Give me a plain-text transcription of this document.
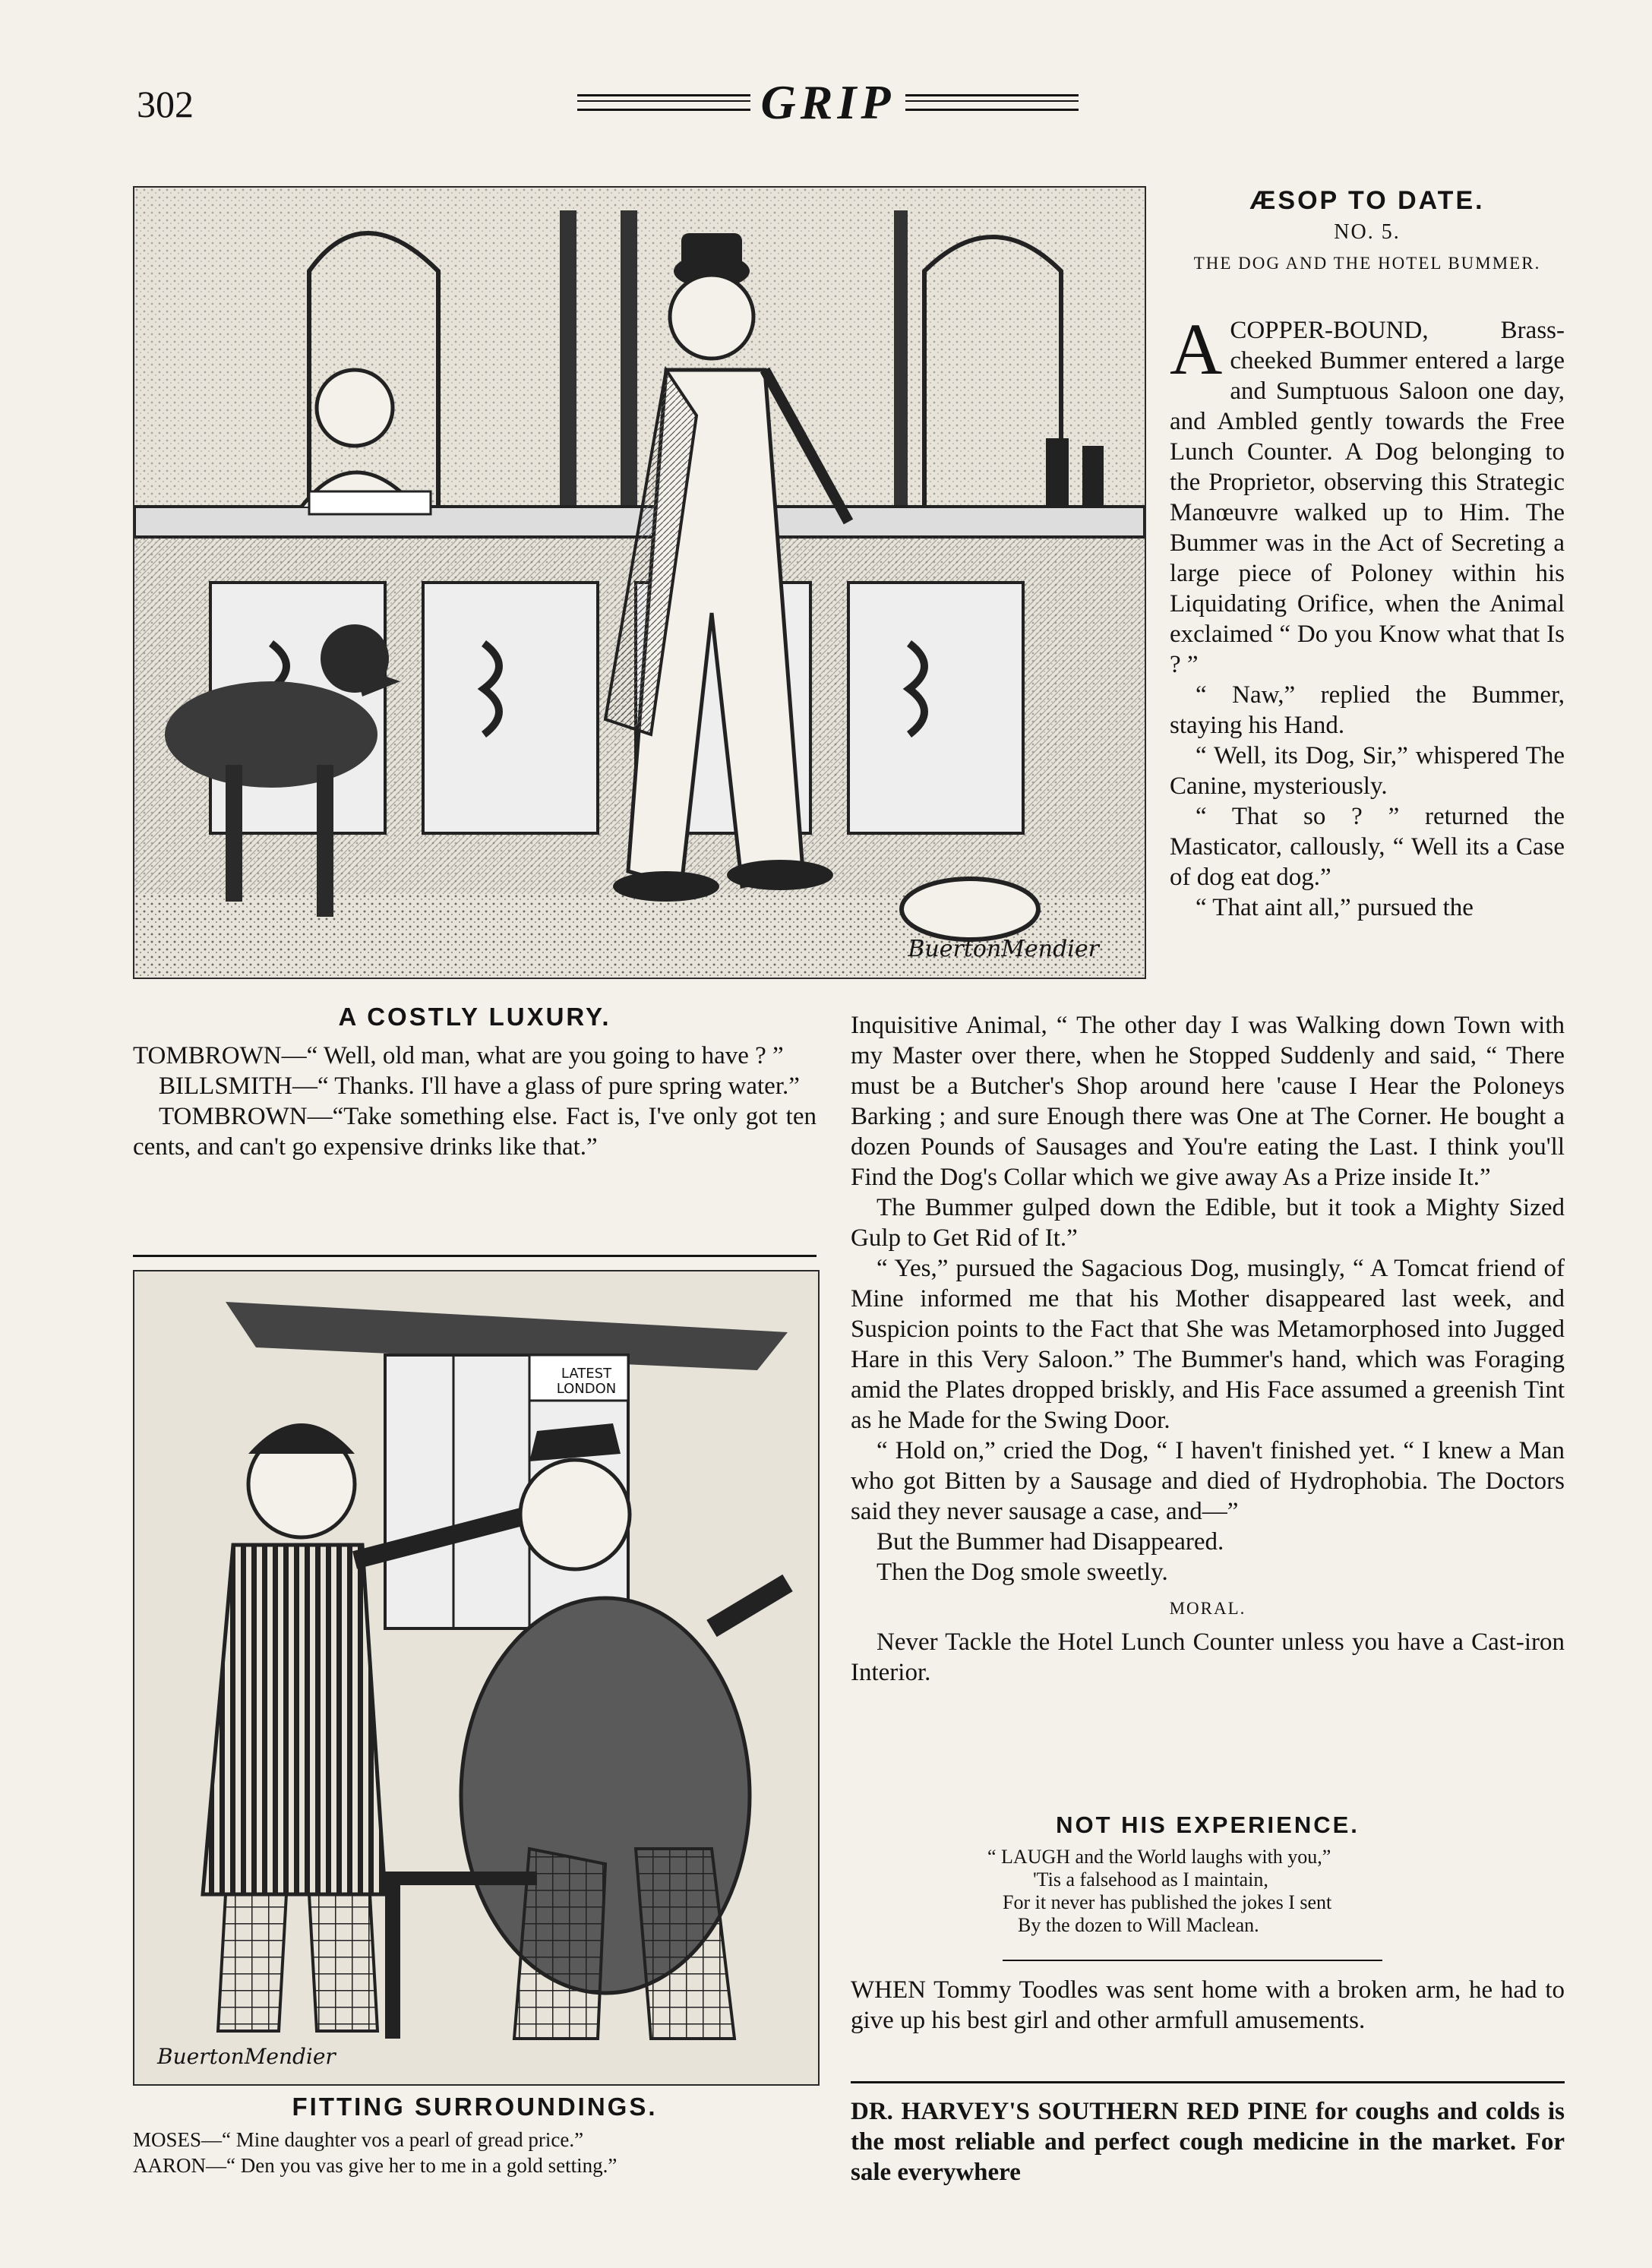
302	GRIP
BuertonMendier
A COSTLY LUXURY.

TOMBROWN—“ Well, old man, what are you going to have ? ”

BILLSMITH—“ Thanks. I'll have a glass of pure spring water.”

TOMBROWN—“Take something else. Fact is, I've only got ten cents, and can't go expensive drinks like that.”

LATEST LONDON
BuertonMendier
FITTING SURROUNDINGS.

MOSES—“ Mine daughter vos a pearl of gread price.”

AARON—“ Den you vas give her to me in a gold setting.”

ÆSOP TO DATE.
NO. 5.
THE DOG AND THE HOTEL BUMMER.

ACOPPER-BOUND, Brass-cheeked Bummer entered a large and Sumptuous Saloon one day, and Ambled gently towards the Free Lunch Counter. A Dog belonging to the Proprietor, observing this Strategic Manœuvre walked up to Him. The Bummer was in the Act of Secreting a large piece of Poloney within his Liquidating Orifice, when the Animal exclaimed “ Do you Know what that Is ? ”

“ Naw,” replied the Bummer, staying his Hand.

“ Well, its Dog, Sir,” whispered The Canine, mysteriously.

“ That so ? ” returned the Masticator, callously, “ Well its a Case of dog eat dog.”

“ That aint all,” pursued the

Inquisitive Animal, “ The other day I was Walking down Town with my Master over there, when he Stopped Suddenly and said, “ There must be a Butcher's Shop around here 'cause I Hear the Poloneys Barking ; and sure Enough there was One at The Corner. He bought a dozen Pounds of Sausages and You're eating the Last. I think you'll Find the Dog's Collar which we give away As a Prize inside It.”

The Bummer gulped down the Edible, but it took a Mighty Sized Gulp to Get Rid of It.”

“ Yes,” pursued the Sagacious Dog, musingly, “ A Tomcat friend of Mine informed me that his Mother disappeared last week, and Suspicion points to the Fact that She was Metamorphosed into Jugged Hare in this Very Saloon.” The Bummer's hand, which was Foraging amid the Plates dropped briskly, and His Face assumed a greenish Tint as he Made for the Swing Door.

“ Hold on,” cried the Dog, “ I haven't finished yet. “ I knew a Man who got Bitten by a Sausage and died of Hydrophobia. The Doctors said they never sausage a case, and—”

But the Bummer had Disappeared.

Then the Dog smole sweetly.

MORAL.

Never Tackle the Hotel Lunch Counter unless you have a Cast-iron Interior.

NOT HIS EXPERIENCE.
“ LAUGH and the World laughs with you,”
'Tis a falsehood as I maintain,
For it never has published the jokes I sent
By the dozen to Will Maclean.
WHEN Tommy Toodles was sent home with a broken arm, he had to give up his best girl and other armfull amusements.
DR. HARVEY'S SOUTHERN RED PINE for coughs and colds is the most reliable and perfect cough medicine in the market. For sale everywhere
